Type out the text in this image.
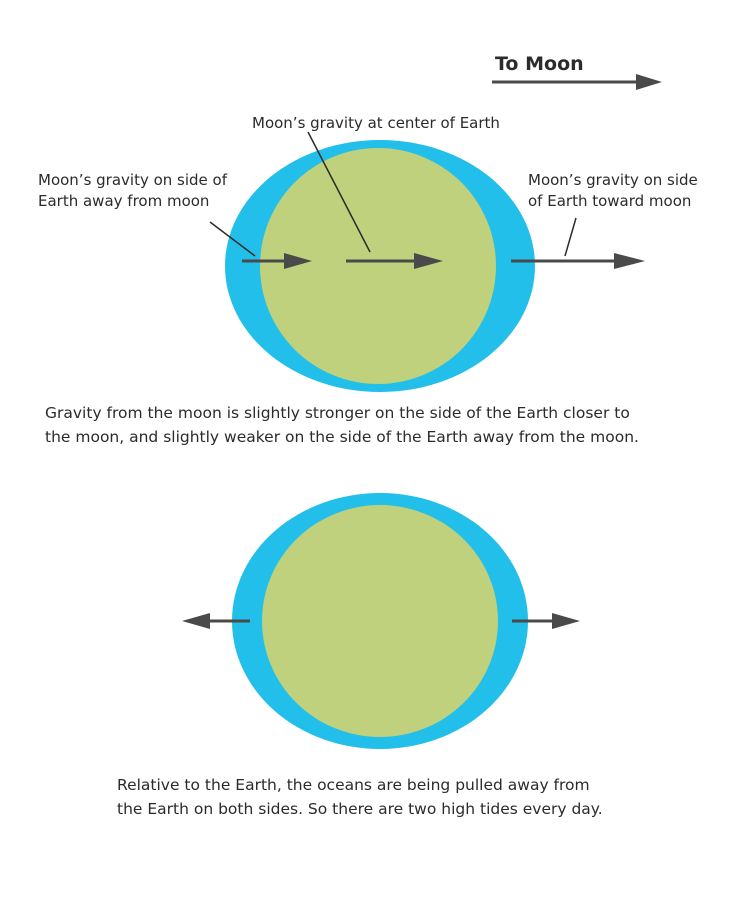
To Moon
Moon’s gravity at center of Earth
Moon’s gravity on side of
Earth away from moon
Moon’s gravity on side
of Earth toward moon
Gravity from the moon is slightly stronger on the side of the Earth closer to
the moon, and slightly weaker on the side of the Earth away from the moon.
Relative to the Earth, the oceans are being pulled away from
the Earth on both sides. So there are two high tides every day.
